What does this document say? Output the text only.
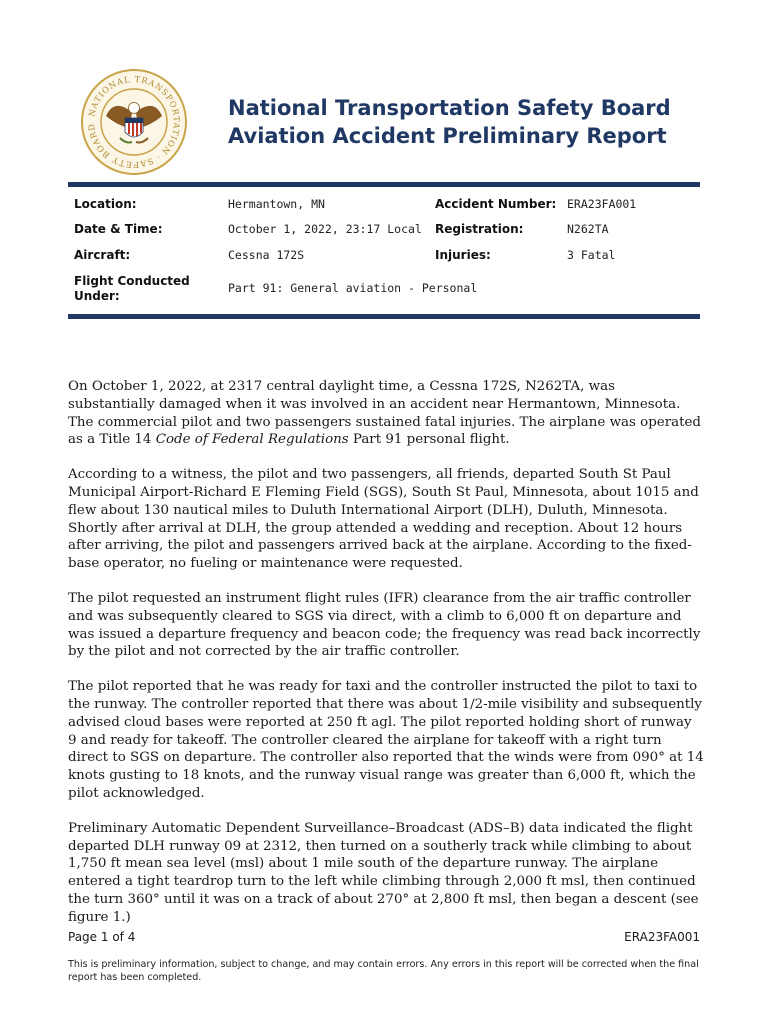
NATIONAL TRANSPORTATION · SAFETY BOARD
National Transportation Safety Board
Aviation Accident Preliminary Report
Location:	Hermantown, MN	Accident Number: ERA23FA001
Date & Time:	October 1, 2022, 23:17 Local Registration:	N262TA
Aircraft:	Cessna 172S	Injuries:	3 Fatal
Flight Conducted
Under:
Part 91: General aviation - Personal

On October 1, 2022, at 2317 central daylight time, a Cessna 172S, N262TA, was substantially damaged when it was involved in an accident near Hermantown, Minnesota. The commercial pilot and two passengers sustained fatal injuries. The airplane was operated as a Title 14 Code of Federal Regulations Part 91 personal flight.

According to a witness, the pilot and two passengers, all friends, departed South St Paul Municipal Airport-Richard E Fleming Field (SGS), South St Paul, Minnesota, about 1015 and flew about 130 nautical miles to Duluth International Airport (DLH), Duluth, Minnesota. Shortly after arrival at DLH, the group attended a wedding and reception. About 12 hours after arriving, the pilot and passengers arrived back at the airplane. According to the fixed-base operator, no fueling or maintenance were requested.

The pilot requested an instrument flight rules (IFR) clearance from the air traffic controller and was subsequently cleared to SGS via direct, with a climb to 6,000 ft on departure and was issued a departure frequency and beacon code; the frequency was read back incorrectly by the pilot and not corrected by the air traffic controller.

The pilot reported that he was ready for taxi and the controller instructed the pilot to taxi to the runway. The controller reported that there was about 1/2-mile visibility and subsequently advised cloud bases were reported at 250 ft agl. The pilot reported holding short of runway 9 and ready for takeoff. The controller cleared the airplane for takeoff with a right turn direct to SGS on departure. The controller also reported that the winds were from 090° at 14 knots gusting to 18 knots, and the runway visual range was greater than 6,000 ft, which the pilot acknowledged.

Preliminary Automatic Dependent Surveillance–Broadcast (ADS–B) data indicated the flight departed DLH runway 09 at 2312, then turned on a southerly track while climbing to about 1,750 ft mean sea level (msl) about 1 mile south of the departure runway. The airplane entered a tight teardrop turn to the left while climbing through 2,000 ft msl, then continued the turn 360° until it was on a track of about 270° at 2,800 ft msl, then began a descent (see figure 1.)

Page 1 of 4	ERA23FA001
This is preliminary information, subject to change, and may contain errors. Any errors in this report will be corrected when the final report has been completed.
